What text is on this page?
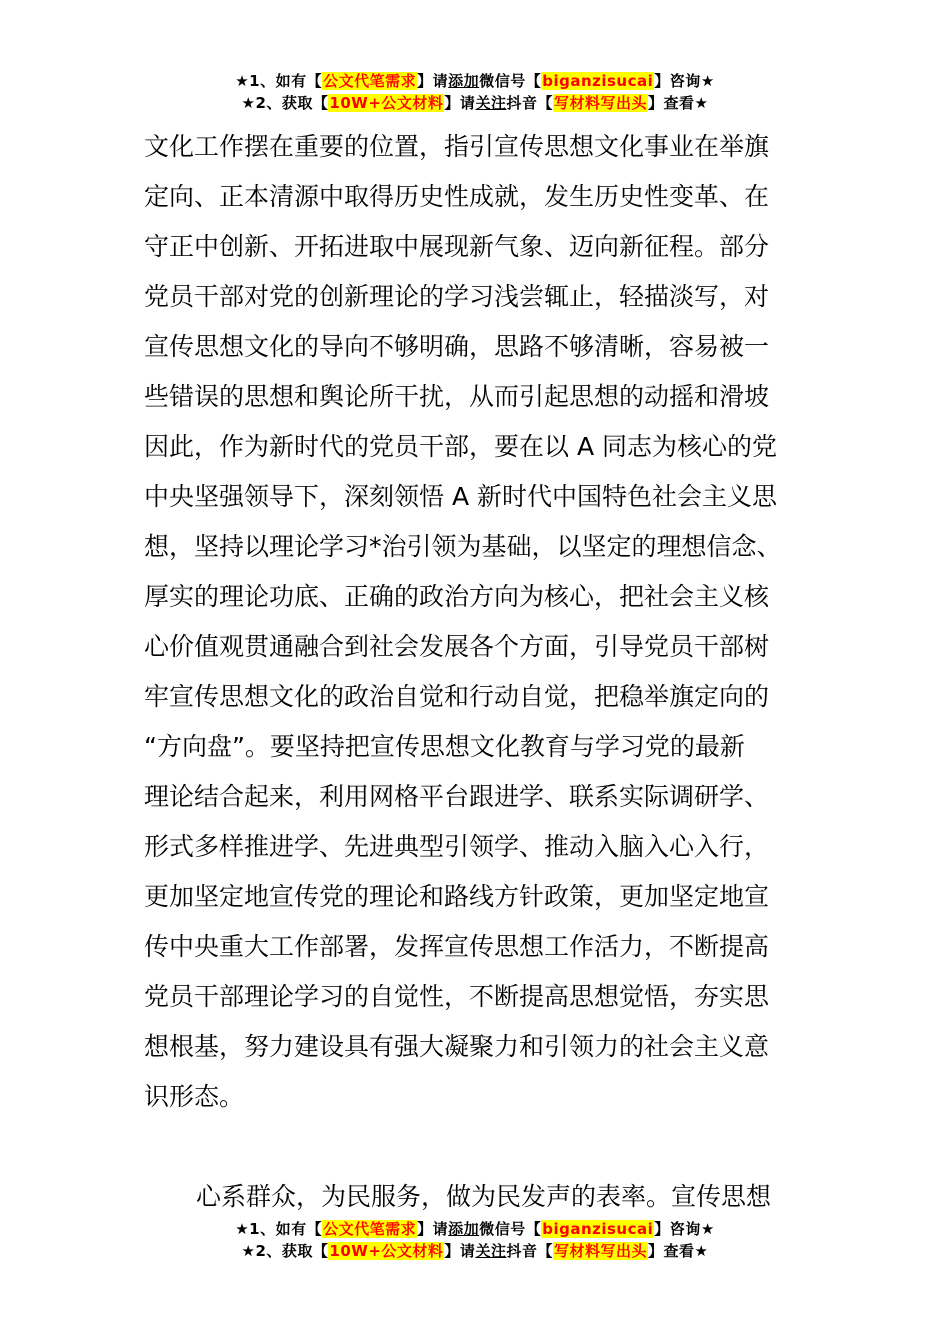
★1、如有【公文代笔需求】请添加微信号【biganzisucai】咨询★
★2、获取【10W+公文材料】请关注抖音【写材料写出头】查看★
文化工作摆在重要的位置，指引宣传思想文化事业在举旗
定向、正本清源中取得历史性成就，发生历史性变革、在
守正中创新、开拓进取中展现新气象、迈向新征程。部分
党员干部对党的创新理论的学习浅尝辄止，轻描淡写，对
宣传思想文化的导向不够明确，思路不够清晰，容易被一
些错误的思想和舆论所干扰，从而引起思想的动摇和滑坡
因此，作为新时代的党员干部，要在以 A 同志为核心的党
中央坚强领导下，深刻领悟 A 新时代中国特色社会主义思
想，坚持以理论学习*治引领为基础，以坚定的理想信念、
厚实的理论功底、正确的政治方向为核心，把社会主义核
心价值观贯通融合到社会发展各个方面，引导党员干部树
牢宣传思想文化的政治自觉和行动自觉，把稳举旗定向的
“方向盘”。要坚持把宣传思想文化教育与学习党的最新
理论结合起来，利用网格平台跟进学、联系实际调研学、
形式多样推进学、先进典型引领学、推动入脑入心入行，
更加坚定地宣传党的理论和路线方针政策，更加坚定地宣
传中央重大工作部署，发挥宣传思想工作活力，不断提高
党员干部理论学习的自觉性，不断提高思想觉悟，夯实思
想根基，努力建设具有强大凝聚力和引领力的社会主义意
识形态。
心系群众，为民服务，做为民发声的表率。宣传思想
★1、如有【公文代笔需求】请添加微信号【biganzisucai】咨询★
★2、获取【10W+公文材料】请关注抖音【写材料写出头】查看★
